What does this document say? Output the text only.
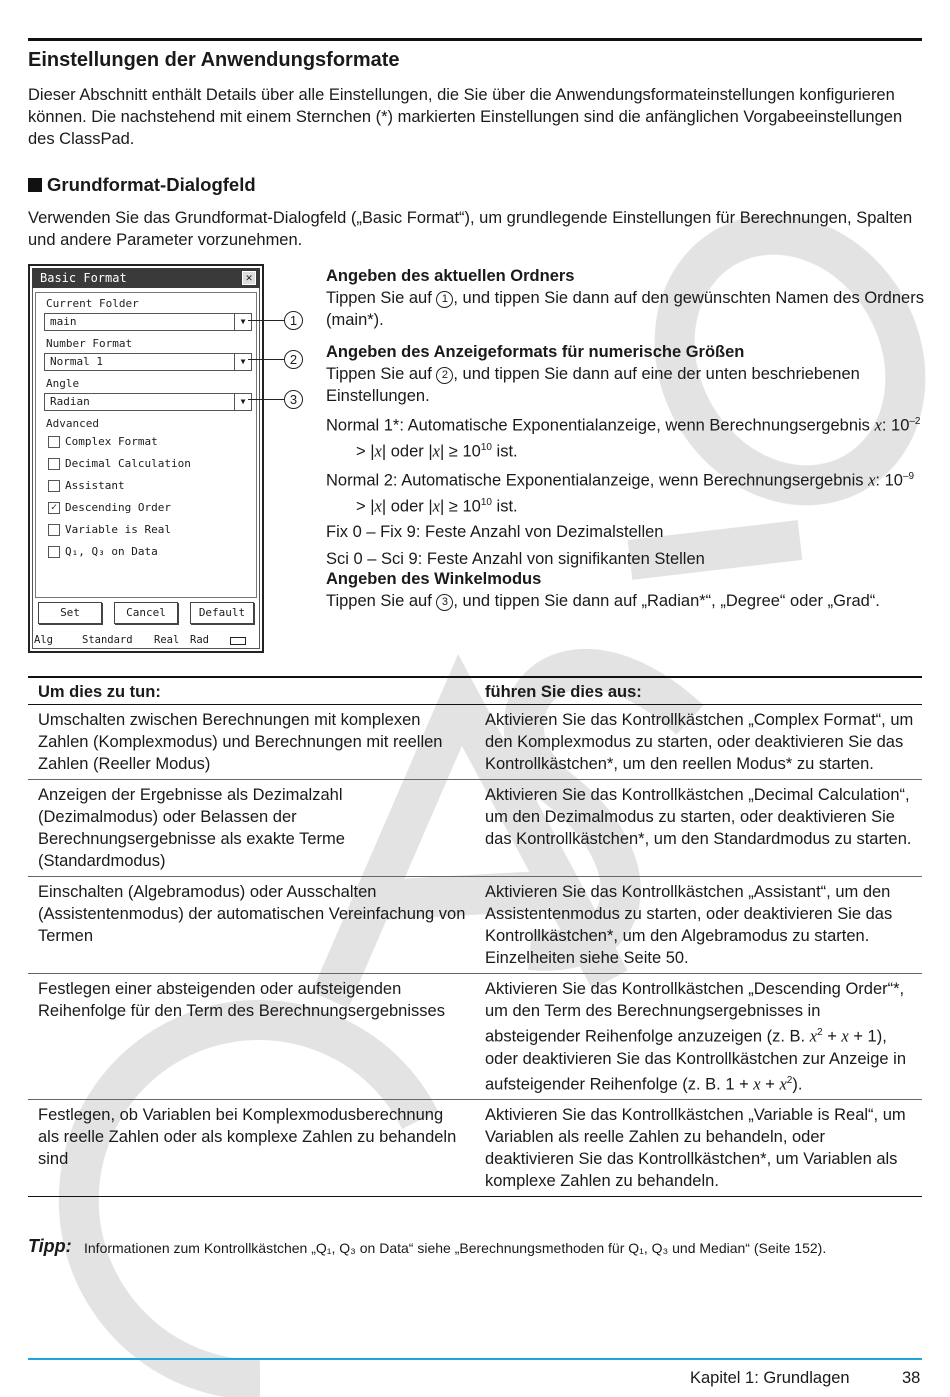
Einstellungen der Anwendungsformate

Dieser Abschnitt enthält Details über alle Einstellungen, die Sie über die Anwendungsformateinstellungen konfigurieren können. Die nachstehend mit einem Sternchen (*) markierten Einstellungen sind die anfänglichen Vorgabeeinstellungen des ClassPad.

Grundformat-Dialogfeld

Verwenden Sie das Grundformat-Dialogfeld („Basic Format“), um grundlegende Einstellungen für Berechnungen, Spalten und andere Parameter vorzunehmen.

Basic Format	✕
Current Folder
main	▼
Number Format
Normal 1	▼
Angle
Radian	▼
Advanced
Complex Format
Decimal Calculation
Assistant
✓ Descending Order
Variable is Real
Q₁, Q₃ on Data
Set	Cancel	Default
Alg	Standard	Real	Rad
1
2
3
Angeben des aktuellen Ordners
Tippen Sie auf 1 , und tippen Sie dann auf den gewünschten Namen des Ordners (main*).
Angeben des Anzeigeformats für numerische Größen
Tippen Sie auf 2 , und tippen Sie dann auf eine der unten beschriebenen Einstellungen.
Normal 1*: Automatische Exponentialanzeige, wenn Berechnungsergebnis x: $10^{-2} > |x|$ oder $|x| \ge 10^{10}$ ist.
Normal 2: Automatische Exponentialanzeige, wenn Berechnungsergebnis x: $10^{-9} > |x|$ oder $|x| \ge 10^{10}$ ist.
Fix 0 – Fix 9: Feste Anzahl von Dezimalstellen
Sci 0 – Sci 9: Feste Anzahl von signifikanten Stellen
Angeben des Winkelmodus
Tippen Sie auf 3 , und tippen Sie dann auf „Radian*“, „Degree“ oder „Grad“.
Um dies zu tun:	führen Sie dies aus:
Umschalten zwischen Berechnungen mit komplexen Zahlen (Komplexmodus) und Berechnungen mit reellen Zahlen (Reeller Modus)
Aktivieren Sie das Kontrollkästchen „Complex Format“, um den Komplexmodus zu starten, oder deaktivieren Sie das Kontrollkästchen*, um den reellen Modus* zu starten.
Anzeigen der Ergebnisse als Dezimalzahl (Dezimalmodus) oder Belassen der Berechnungsergebnisse als exakte Terme (Standardmodus)
Aktivieren Sie das Kontrollkästchen „Decimal Calculation“, um den Dezimalmodus zu starten, oder deaktivieren Sie das Kontrollkästchen*, um den Standardmodus zu starten.
Einschalten (Algebramodus) oder Ausschalten (Assistentenmodus) der automatischen Vereinfachung von Termen
Aktivieren Sie das Kontrollkästchen „Assistant“, um den Assistentenmodus zu starten, oder deaktivieren Sie das Kontrollkästchen*, um den Algebramodus zu starten. Einzelheiten siehe Seite 50.
Festlegen einer absteigenden oder aufsteigenden Reihenfolge für den Term des Berechnungsergebnisses
Aktivieren Sie das Kontrollkästchen „Descending Order“*, um den Term des Berechnungsergebnisses in absteigender Reihenfolge anzuzeigen (z. B. $x^2 + x + 1$), oder deaktivieren Sie das Kontrollkästchen zur Anzeige in aufsteigender Reihenfolge (z. B. $1 + x + x^2$).
Festlegen, ob Variablen bei Komplexmodusberechnung als reelle Zahlen oder als komplexe Zahlen zu behandeln sind
Aktivieren Sie das Kontrollkästchen „Variable is Real“, um Variablen als reelle Zahlen zu behandeln, oder deaktivieren Sie das Kontrollkästchen*, um Variablen als komplexe Zahlen zu behandeln.
Tipp: Informationen zum Kontrollkästchen „Q₁, Q₃ on Data“ siehe „Berechnungsmethoden für Q₁, Q₃ und Median“ (Seite 152).
Kapitel 1: Grundlagen	38
